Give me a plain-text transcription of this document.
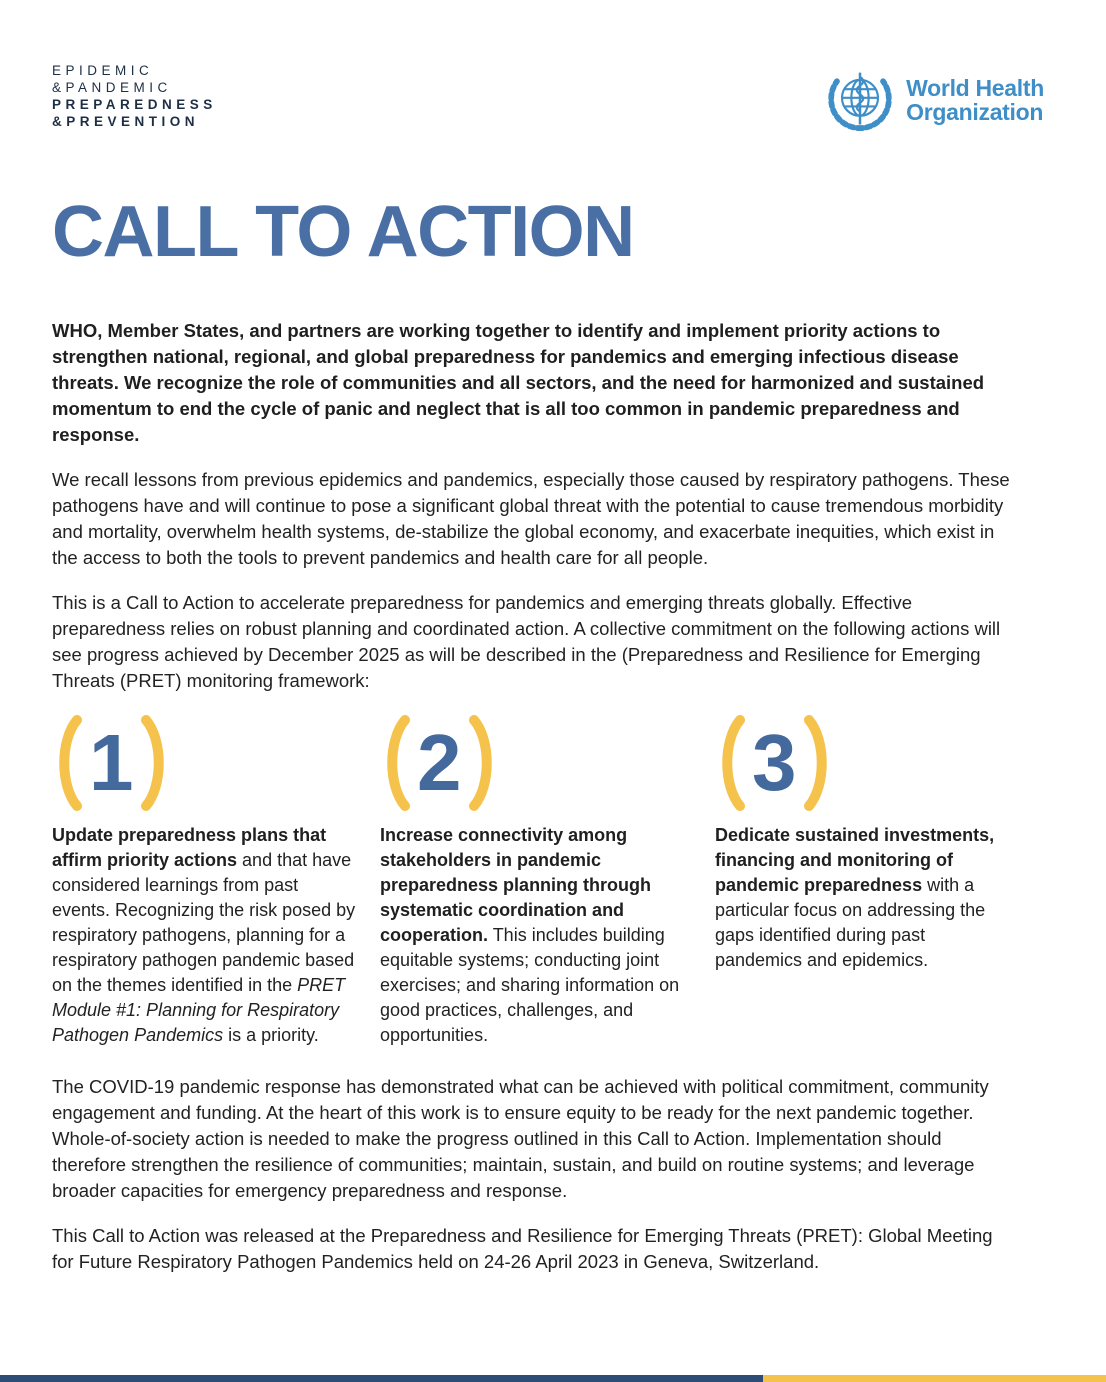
EPIDEMIC
&PANDEMIC
PREPAREDNESS
&PREVENTION
World Health
Organization
CALL TO ACTION

WHO, Member States, and partners are working together to identify and implement priority actions to strengthen national, regional, and global preparedness for pandemics and emerging infectious disease threats. We recognize the role of communities and all sectors, and the need for harmonized and sustained momentum to end the cycle of panic and neglect that is all too common in pandemic preparedness and response.

We recall lessons from previous epidemics and pandemics, especially those caused by respiratory pathogens. These pathogens have and will continue to pose a significant global threat with the potential to cause tremendous morbidity and mortality, overwhelm health systems, de-stabilize the global economy, and exacerbate inequities, which exist in the access to both the tools to prevent pandemics and health care for all people.

This is a Call to Action to accelerate preparedness for pandemics and emerging threats globally. Effective preparedness relies on robust planning and coordinated action. A collective commitment on the following actions will see progress achieved by December 2025 as will be described in the (Preparedness and Resilience for Emerging Threats (PRET) monitoring framework:

1

Update preparedness plans that affirm priority actions and that have considered learnings from past events. Recognizing the risk posed by respiratory pathogens, planning for a respiratory pathogen pandemic based on the themes identified in the PRET Module #1: Planning for Respiratory Pathogen Pandemics is a priority.

2

Increase connectivity among stakeholders in pandemic preparedness planning through systematic coordination and cooperation. This includes building equitable systems; conducting joint exercises; and sharing information on good practices, challenges, and opportunities.

3

Dedicate sustained investments, financing and monitoring of pandemic preparedness with a particular focus on addressing the gaps identified during past pandemics and epidemics.

The COVID-19 pandemic response has demonstrated what can be achieved with political commitment, community engagement and funding. At the heart of this work is to ensure equity to be ready for the next pandemic together. Whole-of-society action is needed to make the progress outlined in this Call to Action. Implementation should therefore strengthen the resilience of communities; maintain, sustain, and build on routine systems; and leverage broader capacities for emergency preparedness and response.

This Call to Action was released at the Preparedness and Resilience for Emerging Threats (PRET): Global Meeting for Future Respiratory Pathogen Pandemics held on 24-26 April 2023 in Geneva, Switzerland.
